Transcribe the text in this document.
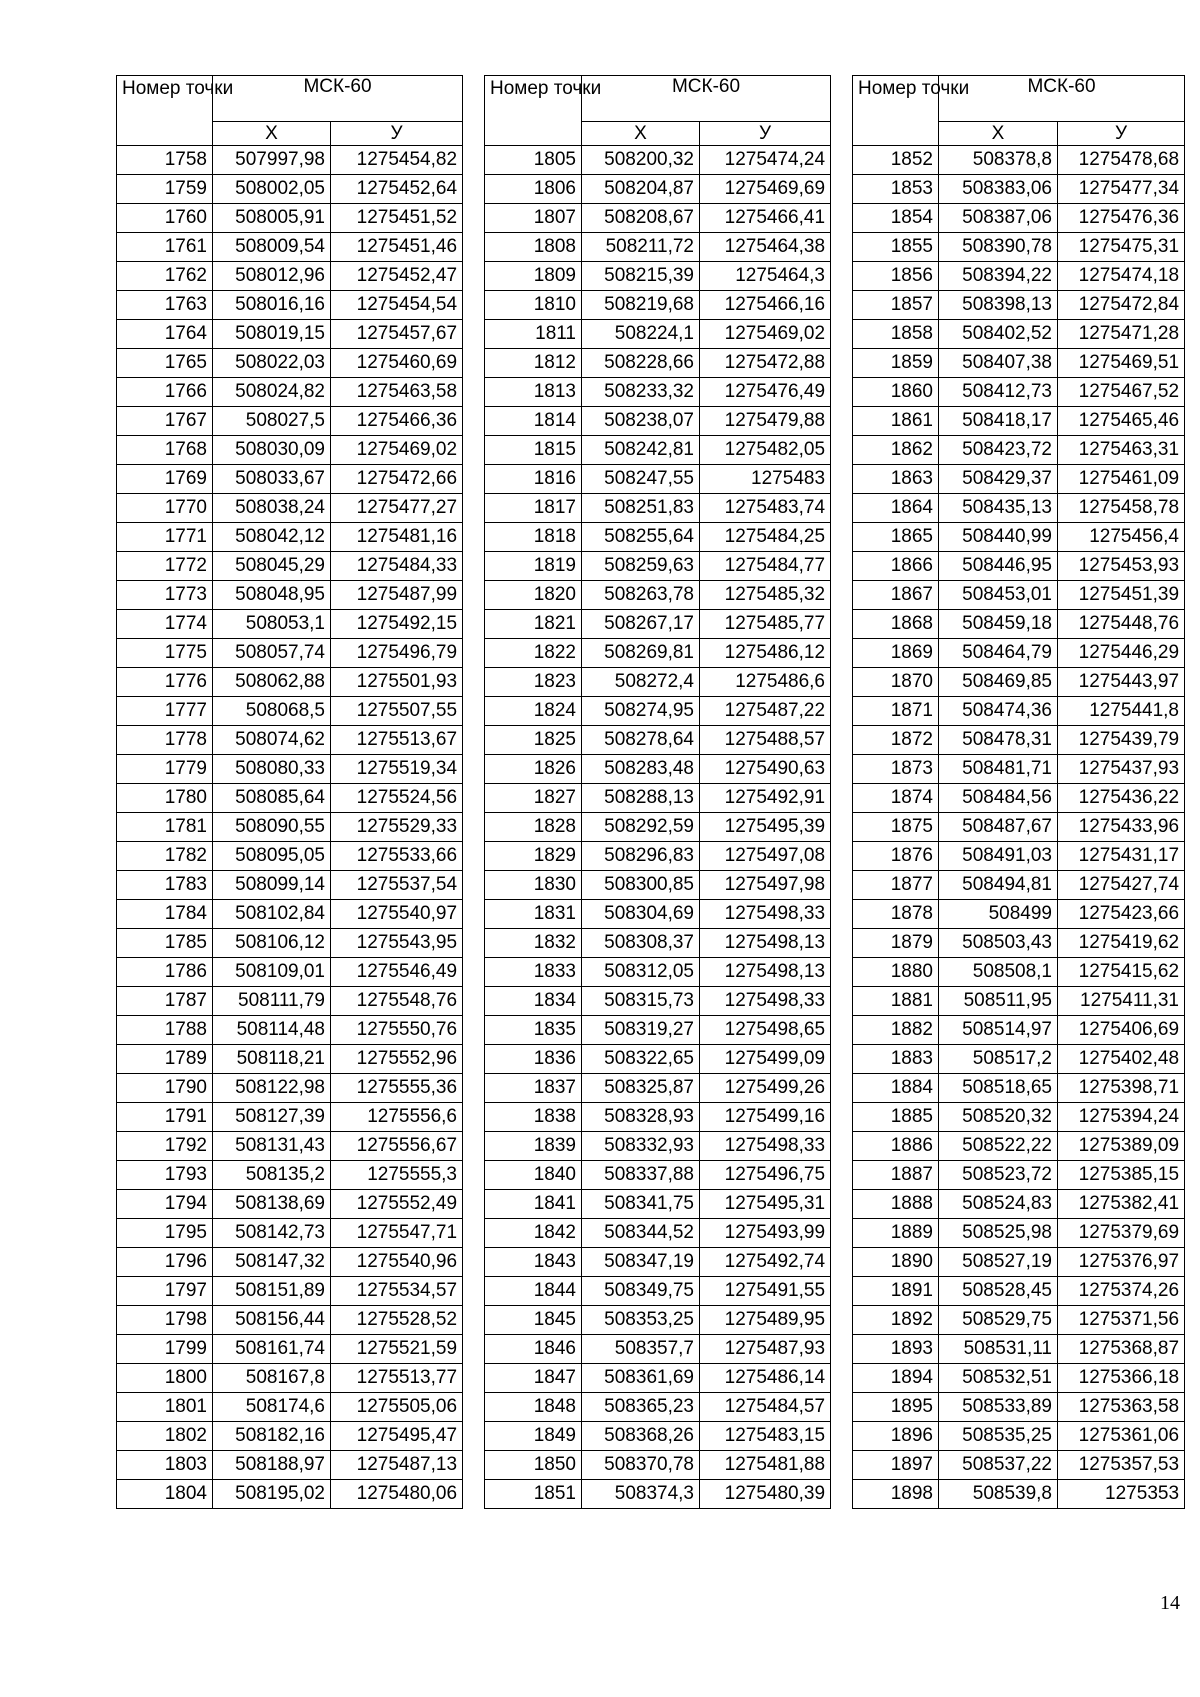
Номер точки	МСК-60	
	Х	У
1758	507997,98	1275454,82
1759	508002,05	1275452,64
1760	508005,91	1275451,52
1761	508009,54	1275451,46
1762	508012,96	1275452,47
1763	508016,16	1275454,54
1764	508019,15	1275457,67
1765	508022,03	1275460,69
1766	508024,82	1275463,58
1767	508027,5	1275466,36
1768	508030,09	1275469,02
1769	508033,67	1275472,66
1770	508038,24	1275477,27
1771	508042,12	1275481,16
1772	508045,29	1275484,33
1773	508048,95	1275487,99
1774	508053,1	1275492,15
1775	508057,74	1275496,79
1776	508062,88	1275501,93
1777	508068,5	1275507,55
1778	508074,62	1275513,67
1779	508080,33	1275519,34
1780	508085,64	1275524,56
1781	508090,55	1275529,33
1782	508095,05	1275533,66
1783	508099,14	1275537,54
1784	508102,84	1275540,97
1785	508106,12	1275543,95
1786	508109,01	1275546,49
1787	508111,79	1275548,76
1788	508114,48	1275550,76
1789	508118,21	1275552,96
1790	508122,98	1275555,36
1791	508127,39	1275556,6
1792	508131,43	1275556,67
1793	508135,2	1275555,3
1794	508138,69	1275552,49
1795	508142,73	1275547,71
1796	508147,32	1275540,96
1797	508151,89	1275534,57
1798	508156,44	1275528,52
1799	508161,74	1275521,59
1800	508167,8	1275513,77
1801	508174,6	1275505,06
1802	508182,16	1275495,47
1803	508188,97	1275487,13
1804	508195,02	1275480,06
Номер точки	МСК-60	
	Х	У
1805	508200,32	1275474,24
1806	508204,87	1275469,69
1807	508208,67	1275466,41
1808	508211,72	1275464,38
1809	508215,39	1275464,3
1810	508219,68	1275466,16
1811	508224,1	1275469,02
1812	508228,66	1275472,88
1813	508233,32	1275476,49
1814	508238,07	1275479,88
1815	508242,81	1275482,05
1816	508247,55	1275483
1817	508251,83	1275483,74
1818	508255,64	1275484,25
1819	508259,63	1275484,77
1820	508263,78	1275485,32
1821	508267,17	1275485,77
1822	508269,81	1275486,12
1823	508272,4	1275486,6
1824	508274,95	1275487,22
1825	508278,64	1275488,57
1826	508283,48	1275490,63
1827	508288,13	1275492,91
1828	508292,59	1275495,39
1829	508296,83	1275497,08
1830	508300,85	1275497,98
1831	508304,69	1275498,33
1832	508308,37	1275498,13
1833	508312,05	1275498,13
1834	508315,73	1275498,33
1835	508319,27	1275498,65
1836	508322,65	1275499,09
1837	508325,87	1275499,26
1838	508328,93	1275499,16
1839	508332,93	1275498,33
1840	508337,88	1275496,75
1841	508341,75	1275495,31
1842	508344,52	1275493,99
1843	508347,19	1275492,74
1844	508349,75	1275491,55
1845	508353,25	1275489,95
1846	508357,7	1275487,93
1847	508361,69	1275486,14
1848	508365,23	1275484,57
1849	508368,26	1275483,15
1850	508370,78	1275481,88
1851	508374,3	1275480,39
Номер точки	МСК-60	
	Х	У
1852	508378,8	1275478,68
1853	508383,06	1275477,34
1854	508387,06	1275476,36
1855	508390,78	1275475,31
1856	508394,22	1275474,18
1857	508398,13	1275472,84
1858	508402,52	1275471,28
1859	508407,38	1275469,51
1860	508412,73	1275467,52
1861	508418,17	1275465,46
1862	508423,72	1275463,31
1863	508429,37	1275461,09
1864	508435,13	1275458,78
1865	508440,99	1275456,4
1866	508446,95	1275453,93
1867	508453,01	1275451,39
1868	508459,18	1275448,76
1869	508464,79	1275446,29
1870	508469,85	1275443,97
1871	508474,36	1275441,8
1872	508478,31	1275439,79
1873	508481,71	1275437,93
1874	508484,56	1275436,22
1875	508487,67	1275433,96
1876	508491,03	1275431,17
1877	508494,81	1275427,74
1878	508499	1275423,66
1879	508503,43	1275419,62
1880	508508,1	1275415,62
1881	508511,95	1275411,31
1882	508514,97	1275406,69
1883	508517,2	1275402,48
1884	508518,65	1275398,71
1885	508520,32	1275394,24
1886	508522,22	1275389,09
1887	508523,72	1275385,15
1888	508524,83	1275382,41
1889	508525,98	1275379,69
1890	508527,19	1275376,97
1891	508528,45	1275374,26
1892	508529,75	1275371,56
1893	508531,11	1275368,87
1894	508532,51	1275366,18
1895	508533,89	1275363,58
1896	508535,25	1275361,06
1897	508537,22	1275357,53
1898	508539,8	1275353
14
